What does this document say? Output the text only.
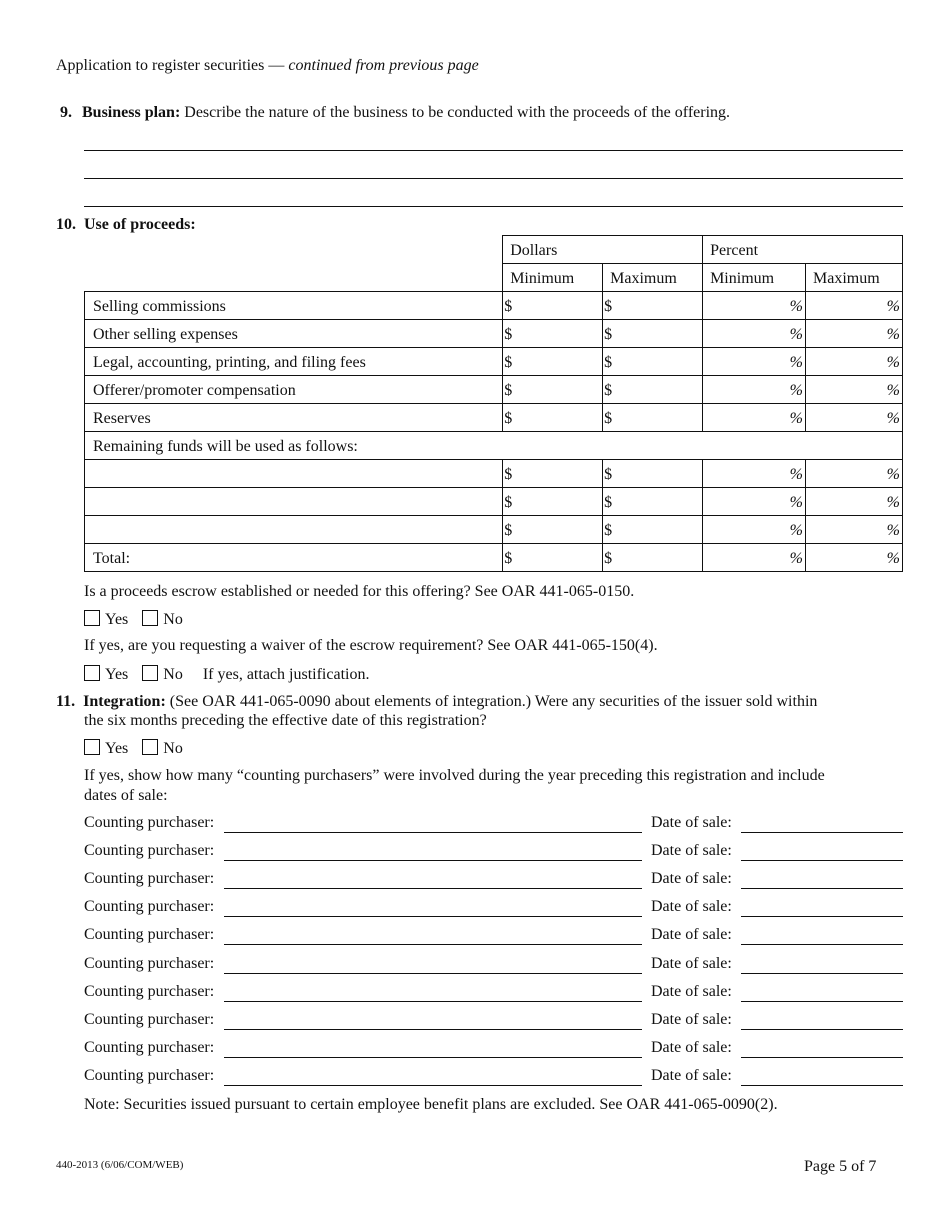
Application to register securities — continued from previous page
9. Business plan: Describe the nature of the business to be conducted with the proceeds of the offering.
10. Use of proceeds:
	Dollars		Percent	
	Minimum	Maximum	Minimum	Maximum
Selling commissions	$	$	%	%
Other selling expenses	$	$	%	%
Legal, accounting, printing, and filing fees	$	$	%	%
Offerer/promoter compensation	$	$	%	%
Reserves	$	$	%	%
Remaining funds will be used as follows:				
	$	$	%	%
	$	$	%	%
	$	$	%	%
Total:	$	$	%	%
Is a proceeds escrow established or needed for this offering? See OAR 441-065-0150.
Yes No
If yes, are you requesting a waiver of the escrow requirement? See OAR 441-065-150(4).
Yes No If yes, attach justification.
11. Integration: (See OAR 441-065-0090 about elements of integration.) Were any securities of the issuer sold within
the six months preceding the effective date of this registration?
Yes No
If yes, show how many “counting purchasers” were involved during the year preceding this registration and include
dates of sale:
Counting purchaser:	Date of sale:
Counting purchaser:	Date of sale:
Counting purchaser:	Date of sale:
Counting purchaser:	Date of sale:
Counting purchaser:	Date of sale:
Counting purchaser:	Date of sale:
Counting purchaser:	Date of sale:
Counting purchaser:	Date of sale:
Counting purchaser:	Date of sale:
Counting purchaser:	Date of sale:
Note: Securities issued pursuant to certain employee benefit plans are excluded. See OAR 441-065-0090(2).
440-2013 (6/06/COM/WEB)	Page 5 of 7
